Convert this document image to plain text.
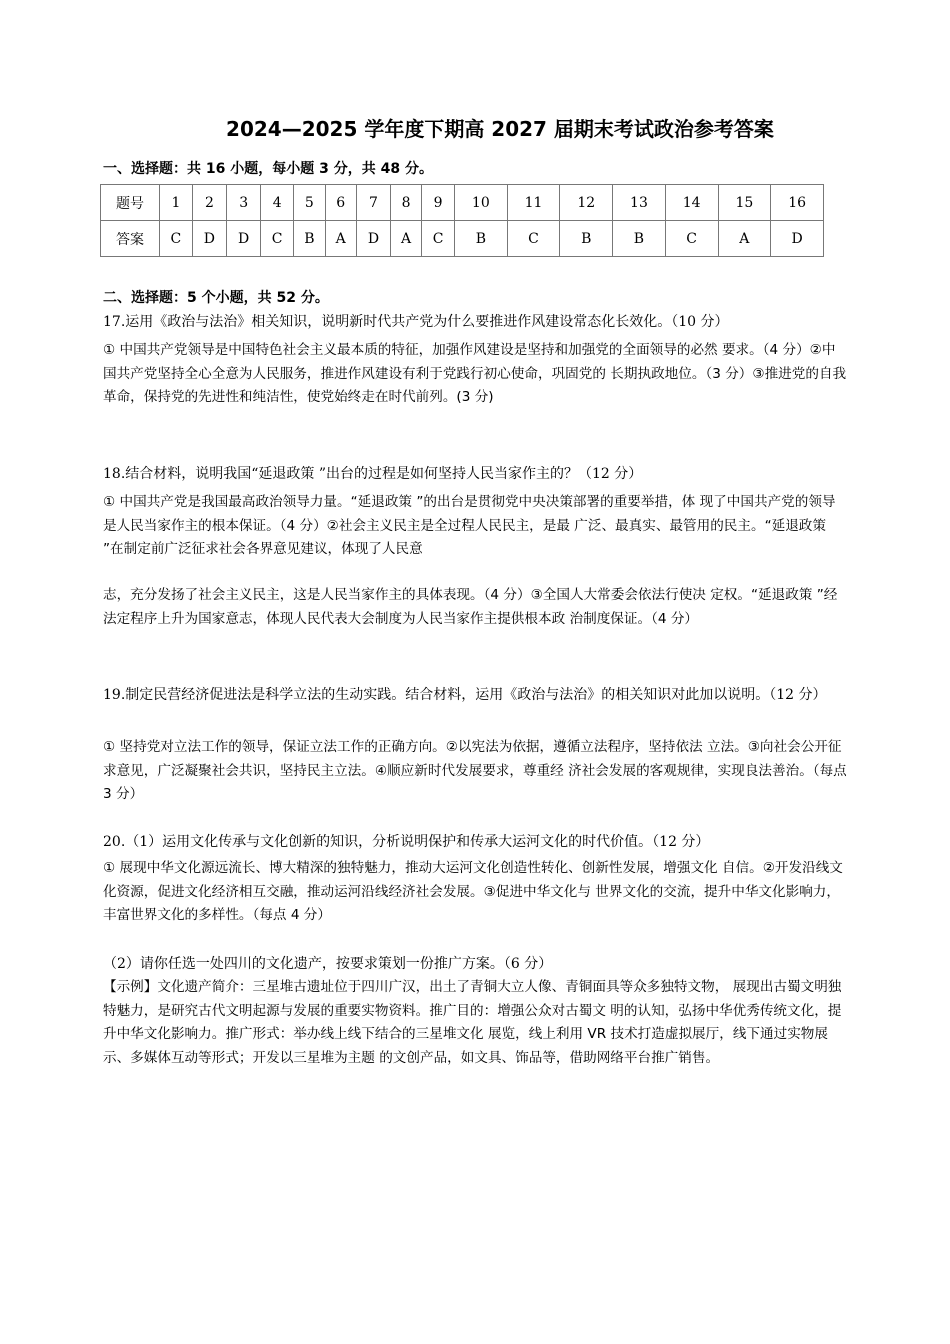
2024—2025 学年度下期高 2027 届期末考试政治参考答案
一、选择题：共 16 小题，每小题 3 分，共 48 分。
题号	1	2	3	4	5	6	7	8	9	10	11	12	13	14	15	16
答案	C	D	D	C	B	A	D	A	C	B	C	B	B	C	A	D
二、选择题：5 个小题，共 52 分。
17.运用《政治与法治》相关知识，说明新时代共产党为什么要推进作风建设常态化长效化。（10 分）
① 中国共产党领导是中国特色社会主义最本质的特征，加强作风建设是坚持和加强党的全面领导的必然 要求。（4 分）②中国共产党坚持全心全意为人民服务，推进作风建设有利于党践行初心使命，巩固党的 长期执政地位。（3 分）③推进党的自我革命，保持党的先进性和纯洁性，使党始终走在时代前列。(3 分)
18.结合材料，说明我国“延退政策 ”出台的过程是如何坚持人民当家作主的？（12 分）
① 中国共产党是我国最高政治领导力量。“延退政策 ”的出台是贯彻党中央决策部署的重要举措，体 现了中国共产党的领导是人民当家作主的根本保证。（4 分）②社会主义民主是全过程人民民主，是最 广泛、最真实、最管用的民主。“延退政策 ”在制定前广泛征求社会各界意见建议，体现了人民意
志，充分发扬了社会主义民主，这是人民当家作主的具体表现。（4 分）③全国人大常委会依法行使决 定权。“延退政策 ”经法定程序上升为国家意志，体现人民代表大会制度为人民当家作主提供根本政 治制度保证。（4 分）
19.制定民营经济促进法是科学立法的生动实践。结合材料，运用《政治与法治》的相关知识对此加以说明。（12 分）
① 坚持党对立法工作的领导，保证立法工作的正确方向。②以宪法为依据，遵循立法程序，坚持依法 立法。③向社会公开征求意见，广泛凝聚社会共识，坚持民主立法。④顺应新时代发展要求，尊重经 济社会发展的客观规律，实现良法善治。（每点 3 分）
20.（1）运用文化传承与文化创新的知识，分析说明保护和传承大运河文化的时代价值。（12 分）
① 展现中华文化源远流长、博大精深的独特魅力，推动大运河文化创造性转化、创新性发展，增强文化 自信。②开发沿线文化资源，促进文化经济相互交融，推动运河沿线经济社会发展。③促进中华文化与 世界文化的交流，提升中华文化影响力，丰富世界文化的多样性。（每点 4 分）
（2）请你任选一处四川的文化遗产，按要求策划一份推广方案。（6 分）
【示例】文化遗产简介：三星堆古遗址位于四川广汉，出土了青铜大立人像、青铜面具等众多独特文物， 展现出古蜀文明独特魅力，是研究古代文明起源与发展的重要实物资料。推广目的：增强公众对古蜀文 明的认知，弘扬中华优秀传统文化，提升中华文化影响力。推广形式：举办线上线下结合的三星堆文化 展览，线上利用 VR 技术打造虚拟展厅，线下通过实物展示、多媒体互动等形式；开发以三星堆为主题 的文创产品，如文具、饰品等，借助网络平台推广销售。
